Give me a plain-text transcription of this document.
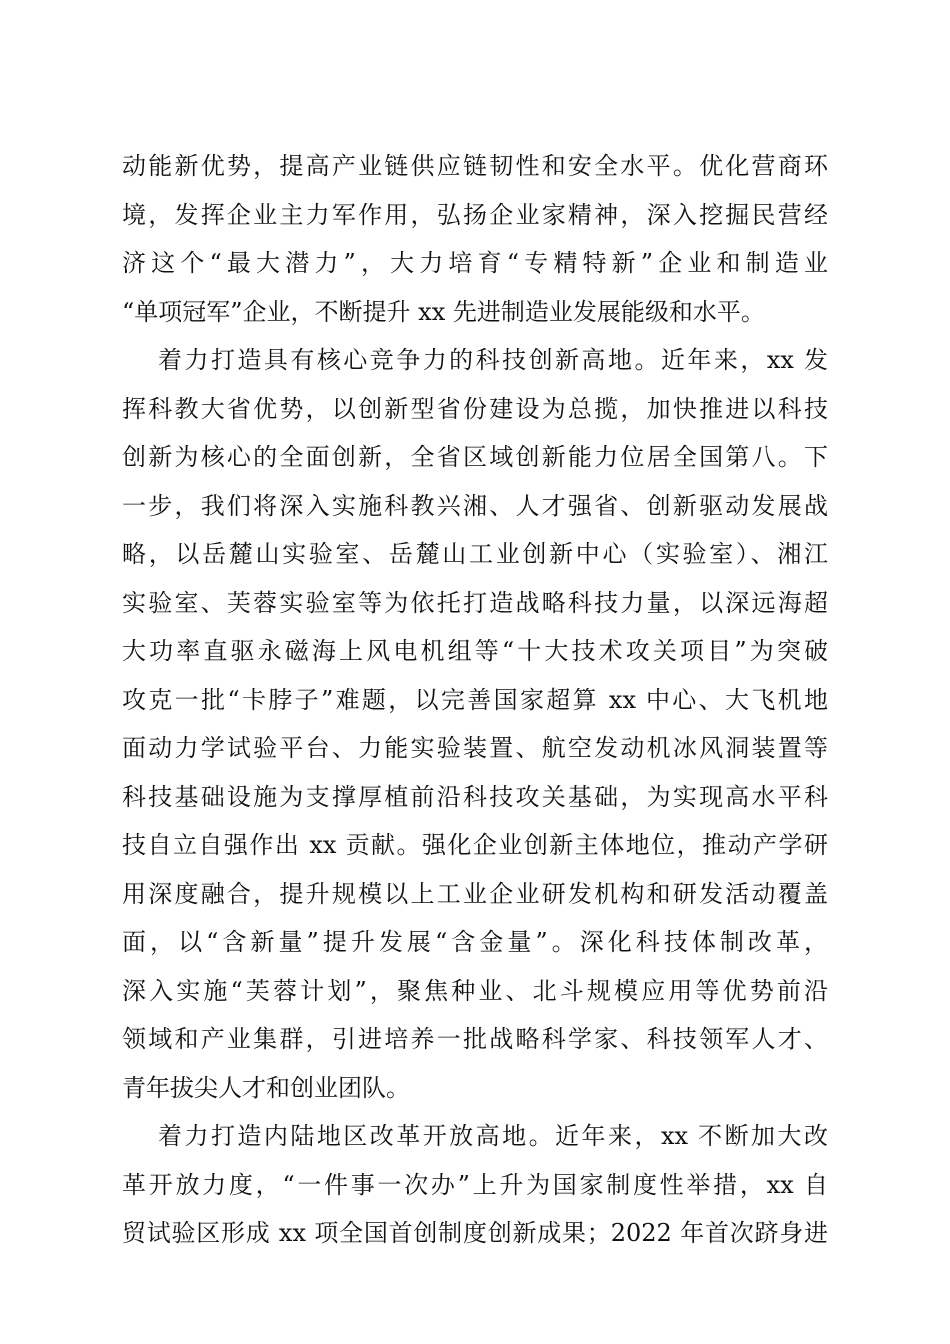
动能新优势，提高产业链供应链韧性和安全水平。优化营商环
境，发挥企业主力军作用，弘扬企业家精神，深入挖掘民营经
济这个“最大潜力”，大力培育“专精特新”企业和制造业
“单项冠军”企业，不断提升 xx 先进制造业发展能级和水平。
着力打造具有核心竞争力的科技创新高地。近年来，xx 发
挥科教大省优势，以创新型省份建设为总揽，加快推进以科技
创新为核心的全面创新，全省区域创新能力位居全国第八。下
一步，我们将深入实施科教兴湘、人才强省、创新驱动发展战
略，以岳麓山实验室、岳麓山工业创新中心（实验室）、湘江
实验室、芙蓉实验室等为依托打造战略科技力量，以深远海超
大功率直驱永磁海上风电机组等“十大技术攻关项目”为突破
攻克一批“卡脖子”难题，以完善国家超算 xx 中心、大飞机地
面动力学试验平台、力能实验装置、航空发动机冰风洞装置等
科技基础设施为支撑厚植前沿科技攻关基础，为实现高水平科
技自立自强作出 xx 贡献。强化企业创新主体地位，推动产学研
用深度融合，提升规模以上工业企业研发机构和研发活动覆盖
面，以“含新量”提升发展“含金量”。深化科技体制改革，
深入实施“芙蓉计划”，聚焦种业、北斗规模应用等优势前沿
领域和产业集群，引进培养一批战略科学家、科技领军人才、
青年拔尖人才和创业团队。
着力打造内陆地区改革开放高地。近年来，xx 不断加大改
革开放力度，“一件事一次办”上升为国家制度性举措，xx 自
贸试验区形成 xx 项全国首创制度创新成果；2022 年首次跻身进
